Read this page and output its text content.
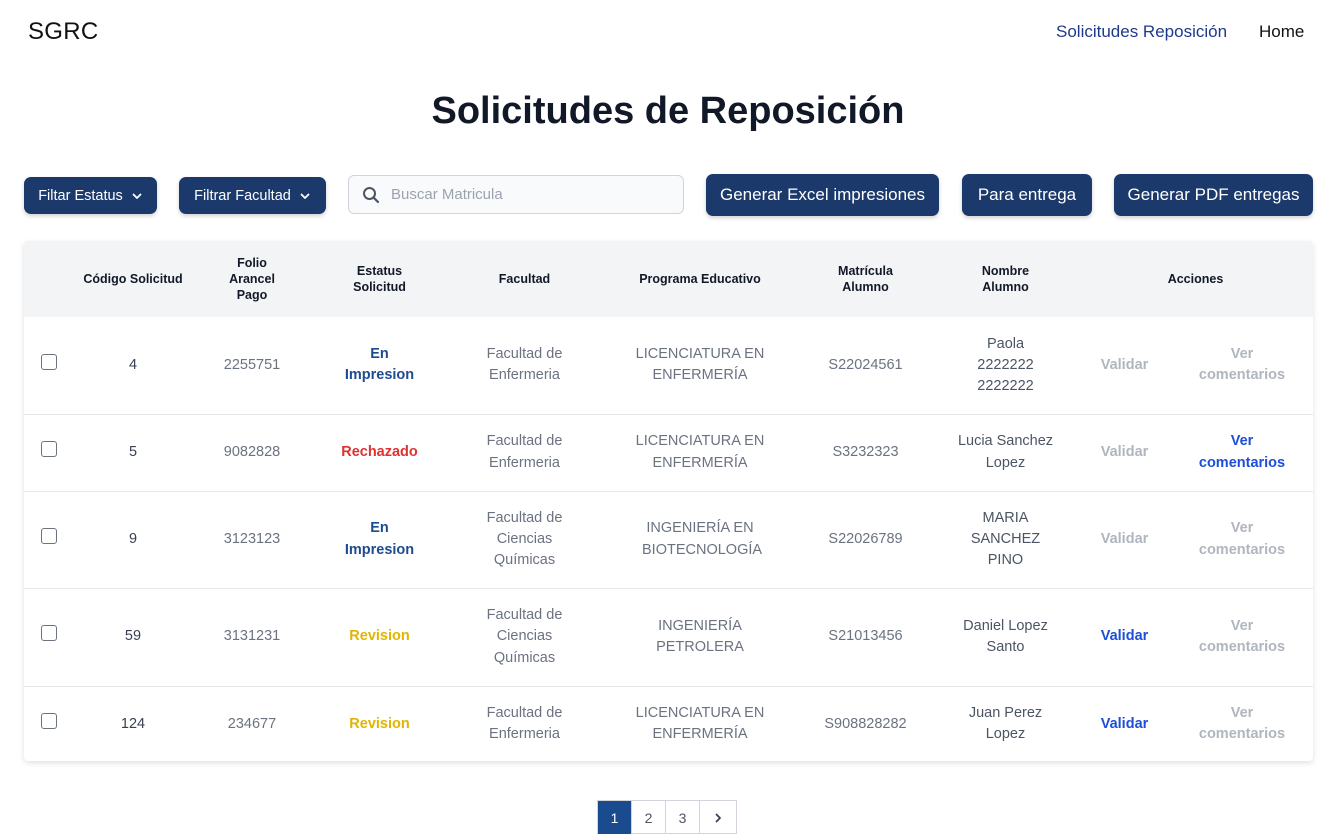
SGRC	Solicitudes Reposición Home
Solicitudes de Reposición
Filtar Estatus	Filtrar Facultad
Buscar Matricula	Generar Excel impresiones	Para entrega	Generar PDF entregas
	Código Solicitud	Folio Arancel Pago	Estatus Solicitud	Facultad	Programa Educativo	Matrícula Alumno	Nombre Alumno	Acciones	
	4	2255751	En Impresion	Facultad de Enfermeria	LICENCIATURA EN ENFERMERÍA	S22024561	Paola 2222222 2222222	Validar	Ver comentarios
	5	9082828	Rechazado	Facultad de Enfermeria	LICENCIATURA EN ENFERMERÍA	S3232323	Lucia Sanchez Lopez	Validar	Ver comentarios
	9	3123123	En Impresion	Facultad de Ciencias Químicas	INGENIERÍA EN BIOTECNOLOGÍA	S22026789	MARIA SANCHEZ PINO	Validar	Ver comentarios
	59	3131231	Revision	Facultad de Ciencias Químicas	INGENIERÍA PETROLERA	S21013456	Daniel Lopez Santo	Validar	Ver comentarios
	124	234677	Revision	Facultad de Enfermeria	LICENCIATURA EN ENFERMERÍA	S908828282	Juan Perez Lopez	Validar	Ver comentarios
1	2	3
